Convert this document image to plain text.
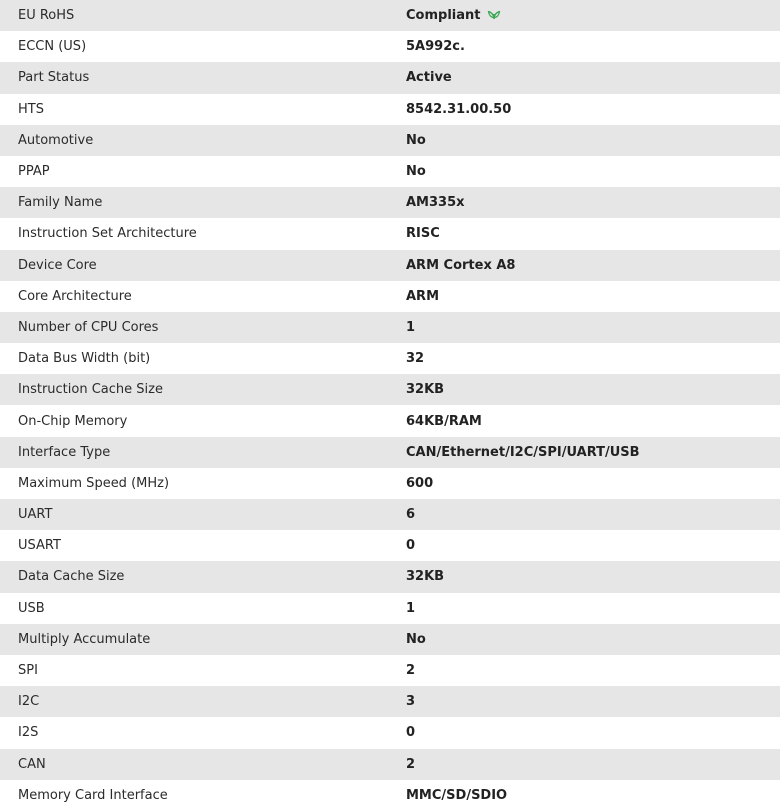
EU RoHS	Compliant
ECCN (US)	5A992c.
Part Status	Active
HTS	8542.31.00.50
Automotive	No
PPAP	No
Family Name	AM335x
Instruction Set Architecture	RISC
Device Core	ARM Cortex A8
Core Architecture	ARM
Number of CPU Cores	1
Data Bus Width (bit)	32
Instruction Cache Size	32KB
On-Chip Memory	64KB/RAM
Interface Type	CAN/Ethernet/I2C/SPI/UART/USB
Maximum Speed (MHz)	600
UART	6
USART	0
Data Cache Size	32KB
USB	1
Multiply Accumulate	No
SPI	2
I2C	3
I2S	0
CAN	2
Memory Card Interface	MMC/SD/SDIO
